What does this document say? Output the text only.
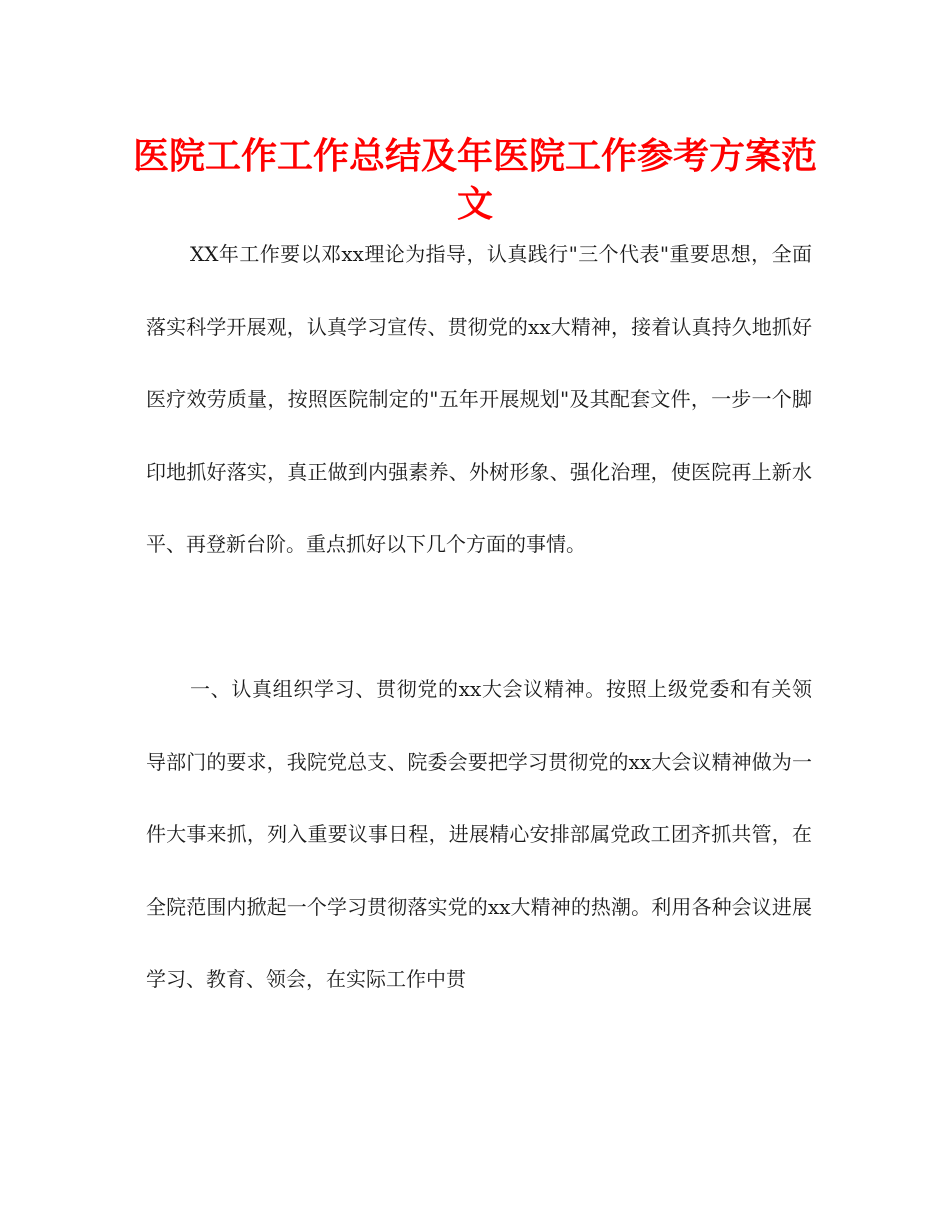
医院工作工作总结及年医院工作参考方案范文

XX年工作要以邓xx理论为指导，认真践行"三个代表"重要思想，全面落实科学开展观，认真学习宣传、贯彻党的xx大精神，接着认真持久地抓好医疗效劳质量，按照医院制定的"五年开展规划"及其配套文件，一步一个脚印地抓好落实，真正做到内强素养、外树形象、强化治理，使医院再上新水平、再登新台阶。重点抓好以下几个方面的事情。

一、认真组织学习、贯彻党的xx大会议精神。按照上级党委和有关领导部门的要求，我院党总支、院委会要把学习贯彻党的xx大会议精神做为一件大事来抓，列入重要议事日程，进展精心安排部属党政工团齐抓共管，在全院范围内掀起一个学习贯彻落实党的xx大精神的热潮。利用各种会议进展学习、教育、领会，在实际工作中贯
